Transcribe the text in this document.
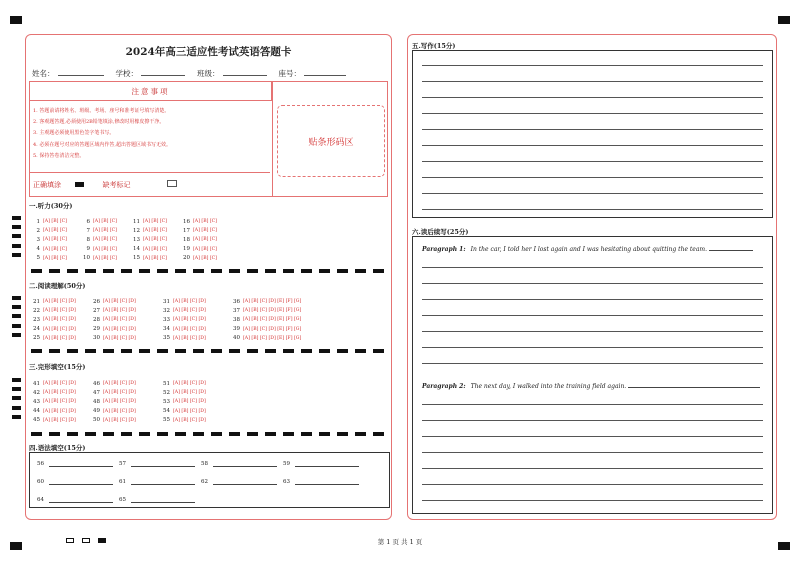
2024年高三适应性考试英语答题卡
姓名：	学校：	班级：	座号：
注意事项
1. 答题前请将姓名、班级、考场、座号和准考证号填写清楚。
2. 客观题答题,必须使用2B铅笔填涂,修改时用橡皮擦干净。
3. 主观题必须使用黑色签字笔书写。
4. 必须在题号对应的答题区域内作答,超出答题区域书写无效。
5. 保持答卷清洁完整。
正确填涂	缺考标记
贴条形码区
一.听力(30分)
1 [A] [B] [C]	6 [A] [B] [C]	11 [A] [B] [C]	16 [A] [B] [C]
2 [A] [B] [C]	7 [A] [B] [C]	12 [A] [B] [C]	17 [A] [B] [C]
3 [A] [B] [C]	8 [A] [B] [C]	13 [A] [B] [C]	18 [A] [B] [C]
4 [A] [B] [C]	9 [A] [B] [C]	14 [A] [B] [C]	19 [A] [B] [C]
5 [A] [B] [C]	10 [A] [B] [C]	15 [A] [B] [C]	20 [A] [B] [C]
二.阅读理解(50分)
21 [A] [B] [C] [D]	26 [A] [B] [C] [D]	31 [A] [B] [C] [D]	36 [A] [B] [C] [D] [E] [F] [G]
22 [A] [B] [C] [D]	27 [A] [B] [C] [D]	32 [A] [B] [C] [D]	37 [A] [B] [C] [D] [E] [F] [G]
23 [A] [B] [C] [D]	28 [A] [B] [C] [D]	33 [A] [B] [C] [D]	38 [A] [B] [C] [D] [E] [F] [G]
24 [A] [B] [C] [D]	29 [A] [B] [C] [D]	34 [A] [B] [C] [D]	39 [A] [B] [C] [D] [E] [F] [G]
25 [A] [B] [C] [D]	30 [A] [B] [C] [D]	35 [A] [B] [C] [D]	40 [A] [B] [C] [D] [E] [F] [G]
三.完形填空(15分)
41 [A] [B] [C] [D]	46 [A] [B] [C] [D]	51 [A] [B] [C] [D]
42 [A] [B] [C] [D]	47 [A] [B] [C] [D]	52 [A] [B] [C] [D]
43 [A] [B] [C] [D]	48 [A] [B] [C] [D]	53 [A] [B] [C] [D]
44 [A] [B] [C] [D]	49 [A] [B] [C] [D]	54 [A] [B] [C] [D]
45 [A] [B] [C] [D]	50 [A] [B] [C] [D]	55 [A] [B] [C] [D]
四.语法填空(15分)
56	57	58	59
60	61	62	63
64	65
五.写作(15分)
六.读后续写(25分)
Paragraph 1: In the car, I told her I lost again and I was hesitating about quitting the team.
Paragraph 2: The next day, I walked into the training field again.
第 1 页 共 1 页
